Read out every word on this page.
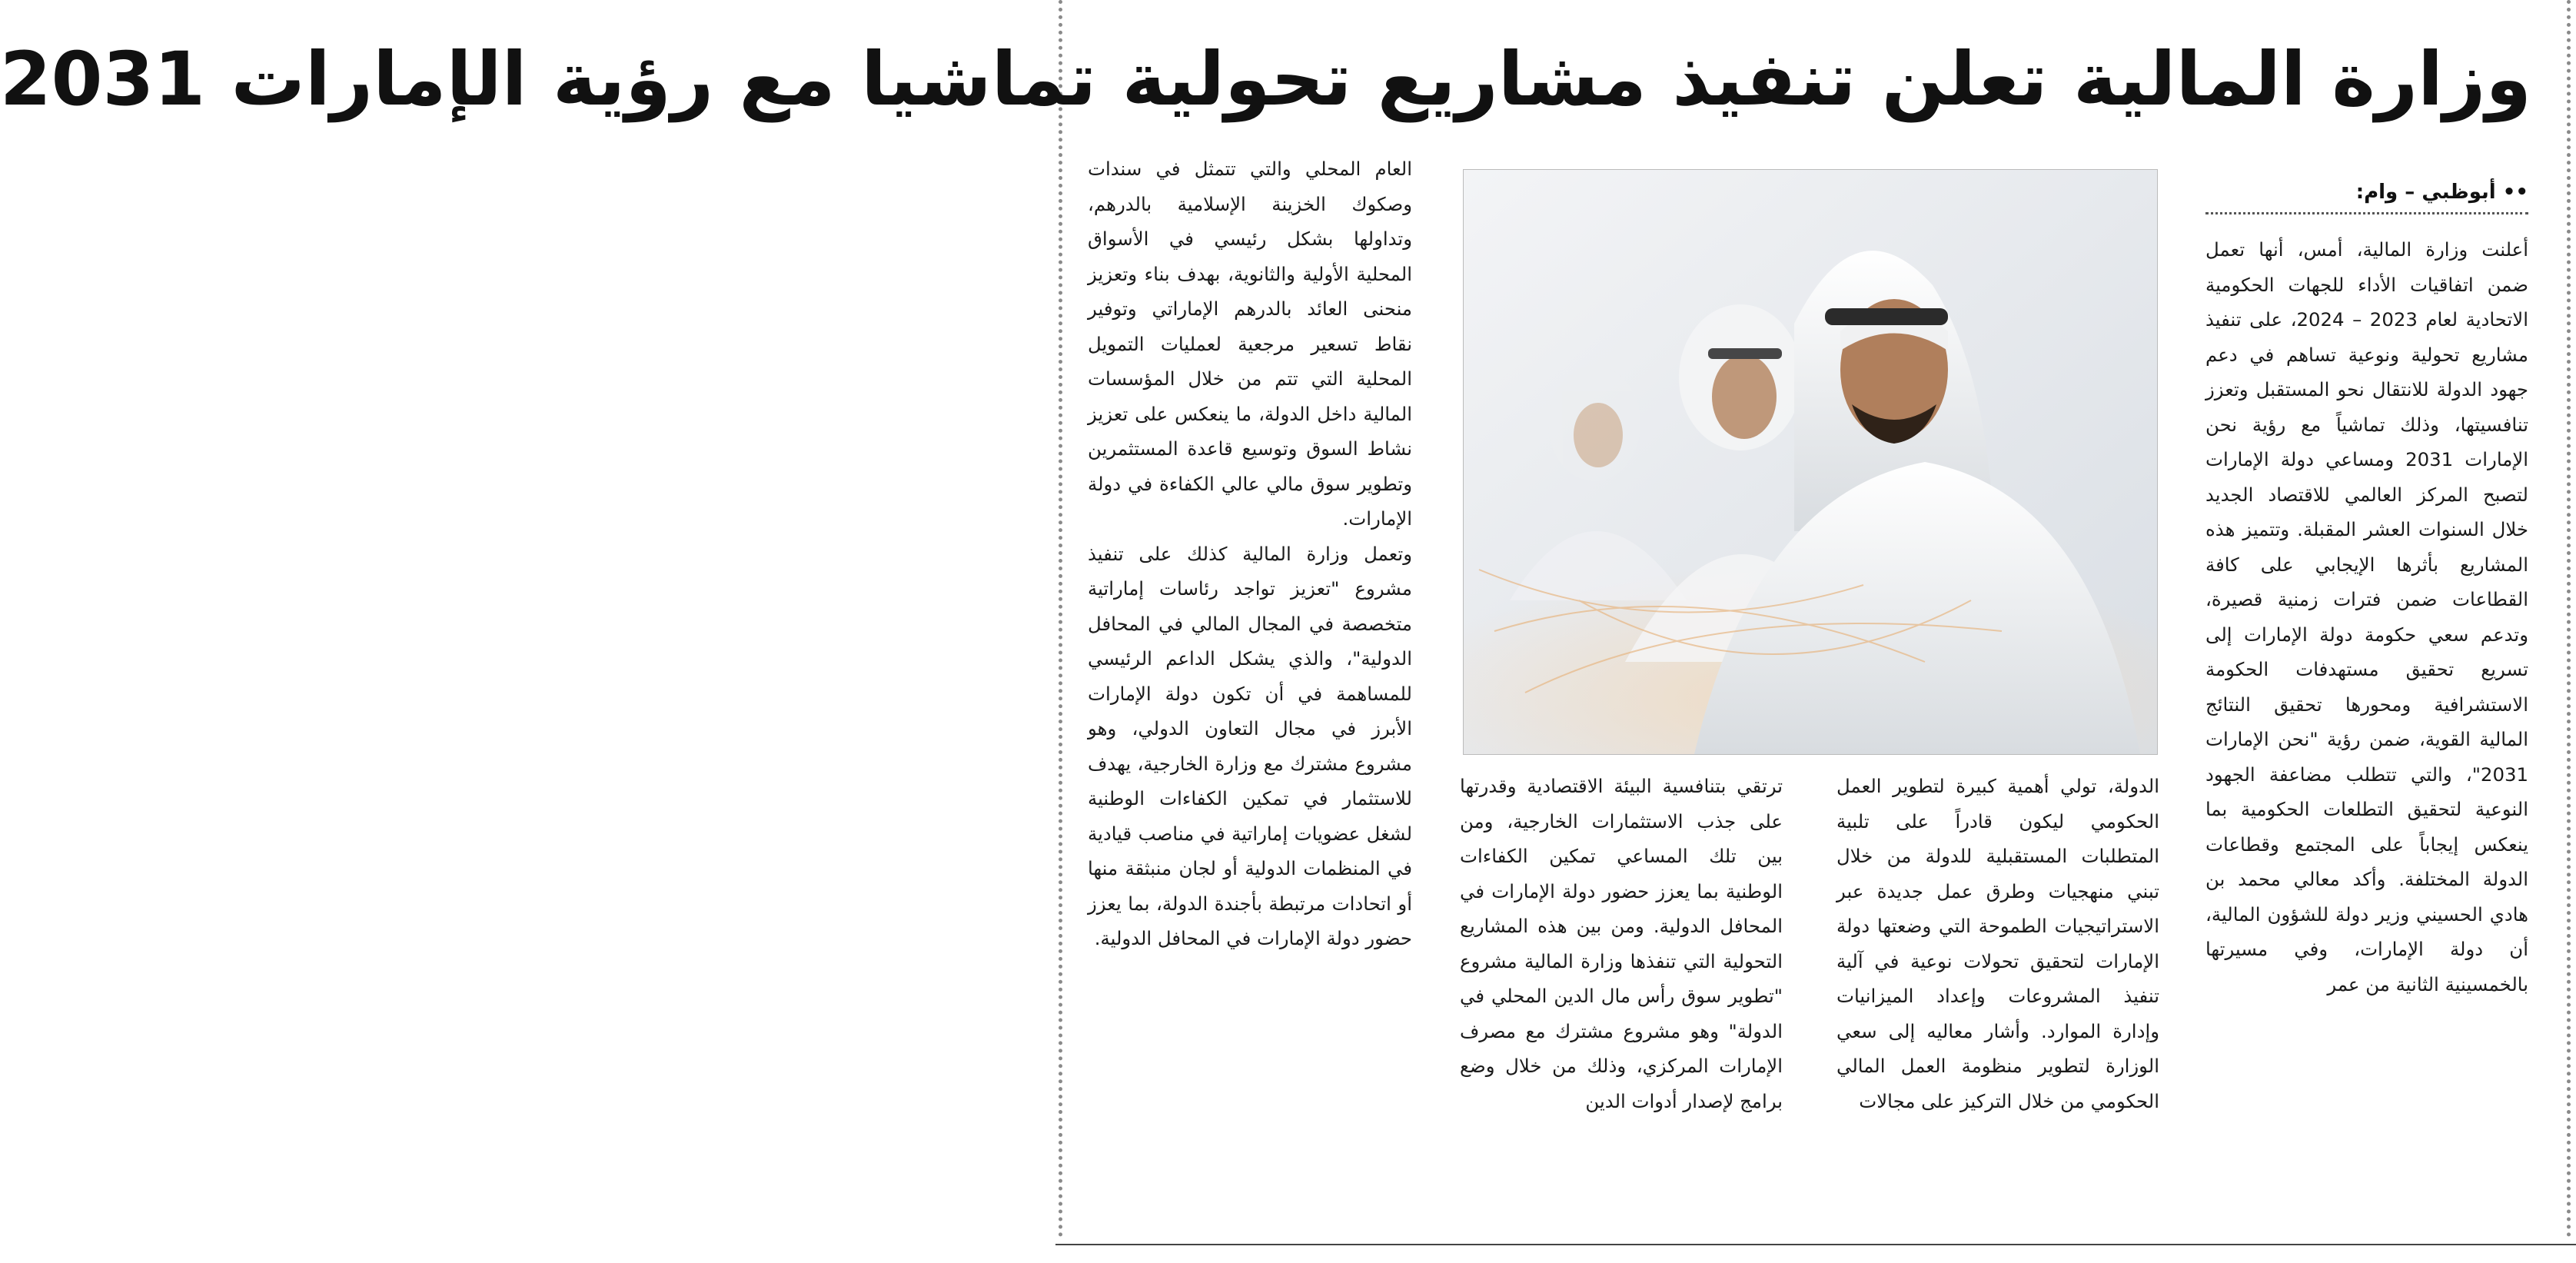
وزارة المالية تعلن تنفيذ مشاريع تحولية تماشيا مع رؤية الإمارات 2031
•• أبوظبي – وام:

أعلنت وزارة المالية، أمس، أنها تعمل ضمن اتفاقيات الأداء للجهات الحكومية الاتحادية لعام 2023 – 2024، على تنفيذ مشاريع تحولية ونوعية تساهم في دعم جهود الدولة للانتقال نحو المستقبل وتعزز تنافسيتها، وذلك تماشياً مع رؤية نحن الإمارات 2031 ومساعي دولة الإمارات لتصبح المركز العالمي للاقتصاد الجديد خلال السنوات العشر المقبلة. وتتميز هذه المشاريع بأثرها الإيجابي على كافة القطاعات ضمن فترات زمنية قصيرة، وتدعم سعي حكومة دولة الإمارات إلى تسريع تحقيق مستهدفات الحكومة الاستشرافية ومحورها تحقيق النتائج المالية القوية، ضمن رؤية "نحن الإمارات 2031"، والتي تتطلب مضاعفة الجهود النوعية لتحقيق التطلعات الحكومية بما ينعكس إيجاباً على المجتمع وقطاعات الدولة المختلفة. وأكد معالي محمد بن هادي الحسيني وزير دولة للشؤون المالية، أن دولة الإمارات، وفي مسيرتها بالخمسينية الثانية من عمر

الدولة، تولي أهمية كبيرة لتطوير العمل الحكومي ليكون قادراً على تلبية المتطلبات المستقبلية للدولة من خلال تبني منهجيات وطرق عمل جديدة عبر الاستراتيجيات الطموحة التي وضعتها دولة الإمارات لتحقيق تحولات نوعية في آلية تنفيذ المشروعات وإعداد الميزانيات وإدارة الموارد. وأشار معاليه إلى سعي الوزارة لتطوير منظومة العمل المالي الحكومي من خلال التركيز على مجالات

ترتقي بتنافسية البيئة الاقتصادية وقدرتها على جذب الاستثمارات الخارجية، ومن بين تلك المساعي تمكين الكفاءات الوطنية بما يعزز حضور دولة الإمارات في المحافل الدولية. ومن بين هذه المشاريع التحولية التي تنفذها وزارة المالية مشروع "تطوير سوق رأس مال الدين المحلي في الدولة" وهو مشروع مشترك مع مصرف الإمارات المركزي، وذلك من خلال وضع برامج لإصدار أدوات الدين

العام المحلي والتي تتمثل في سندات وصكوك الخزينة الإسلامية بالدرهم، وتداولها بشكل رئيسي في الأسواق المحلية الأولية والثانوية، بهدف بناء وتعزيز منحنى العائد بالدرهم الإماراتي وتوفير نقاط تسعير مرجعية لعمليات التمويل المحلية التي تتم من خلال المؤسسات المالية داخل الدولة، ما ينعكس على تعزيز نشاط السوق وتوسيع قاعدة المستثمرين وتطوير سوق مالي عالي الكفاءة في دولة الإمارات.

وتعمل وزارة المالية كذلك على تنفيذ مشروع "تعزيز تواجد رئاسات إماراتية متخصصة في المجال المالي في المحافل الدولية"، والذي يشكل الداعم الرئيسي للمساهمة في أن تكون دولة الإمارات الأبرز في مجال التعاون الدولي، وهو مشروع مشترك مع وزارة الخارجية، يهدف للاستثمار في تمكين الكفاءات الوطنية لشغل عضويات إماراتية في مناصب قيادية في المنظمات الدولية أو لجان منبثقة منها أو اتحادات مرتبطة بأجندة الدولة، بما يعزز حضور دولة الإمارات في المحافل الدولية.
